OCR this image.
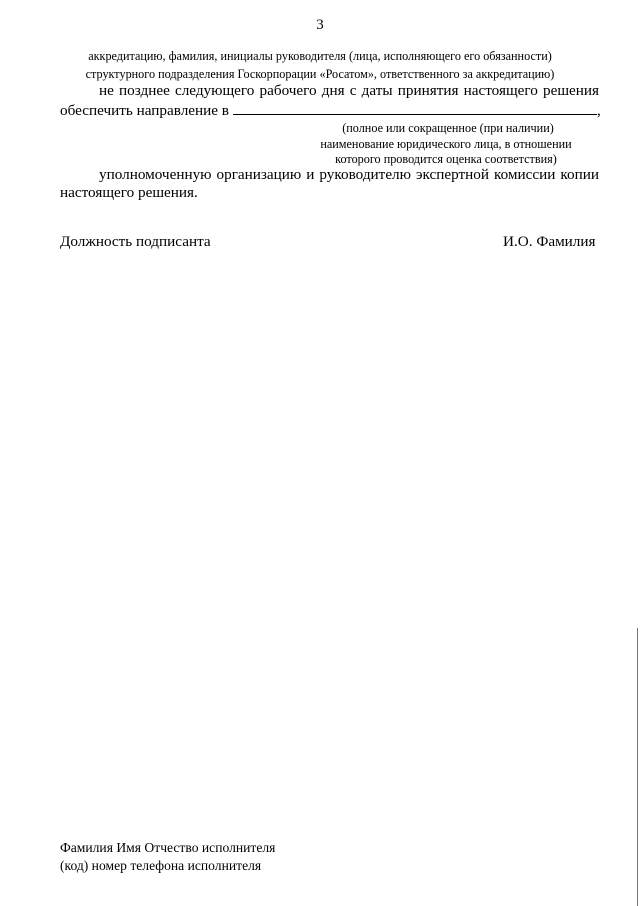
3
аккредитацию, фамилия, инициалы руководителя (лица, исполняющего его обязанности)
структурного подразделения Госкорпорации «Росатом», ответственного за аккредитацию)
не позднее следующего рабочего дня с даты принятия настоящего решения
обеспечить направление в	,
(полное или сокращенное (при наличии)
наименование юридического лица, в отношении
которого проводится оценка соответствия)
уполномоченную организацию и руководителю экспертной комиссии копии
настоящего решения.
Должность подписанта	И.О. Фамилия
Фамилия Имя Отчество исполнителя
(код) номер телефона исполнителя
